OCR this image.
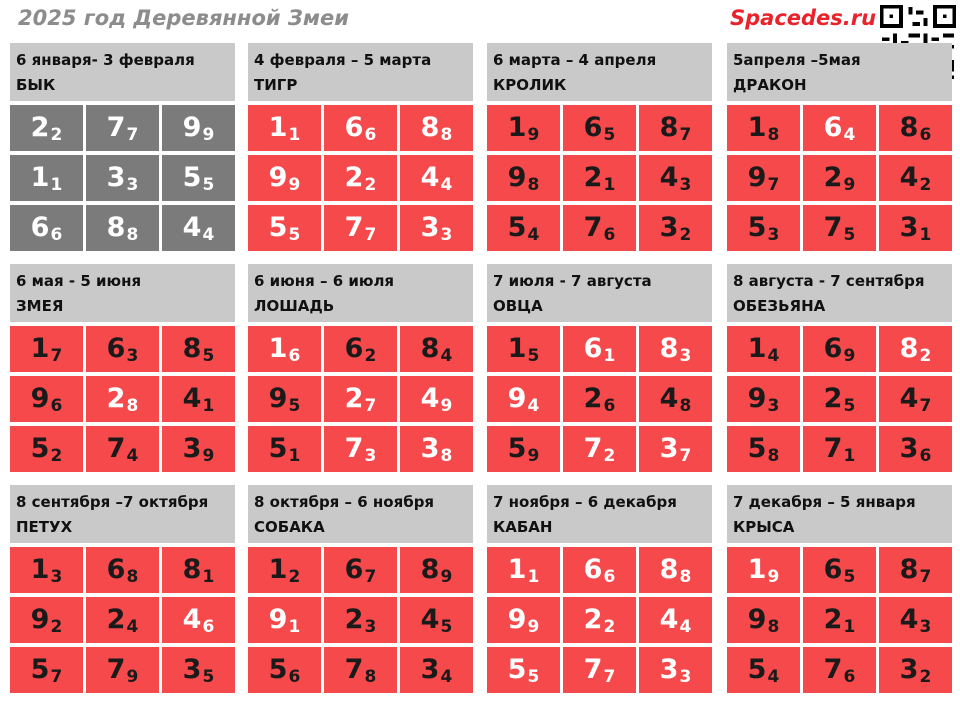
2025 год Деревянной Змеи	Spacedes.ru
6 января- 3 февраля
БЫК
22	77	99
11	33	55
66	88	44
4 февраля – 5 марта
ТИГР
11	66	88
99	22	44
55	77	33
6 марта – 4 апреля
КРОЛИК
19	65	87
98	21	43
54	76	32
5апреля –5мая
ДРАКОН
18	64	86
97	29	42
53	75	31
6 мая - 5 июня
ЗМЕЯ
17	63	85
96	28	41
52	74	39
6 июня – 6 июля
ЛОШАДЬ
16	62	84
95	27	49
51	73	38
7 июля - 7 августа
ОВЦА
15	61	83
94	26	48
59	72	37
8 августа - 7 сентября
ОБЕЗЬЯНА
14	69	82
93	25	47
58	71	36
8 сентября –7 октября
ПЕТУХ
13	68	81
92	24	46
57	79	35
8 октября – 6 ноября
СОБАКА
12	67	89
91	23	45
56	78	34
7 ноября – 6 декабря
КАБАН
11	66	88
99	22	44
55	77	33
7 декабря – 5 января
КРЫСА
19	65	87
98	21	43
54	76	32
